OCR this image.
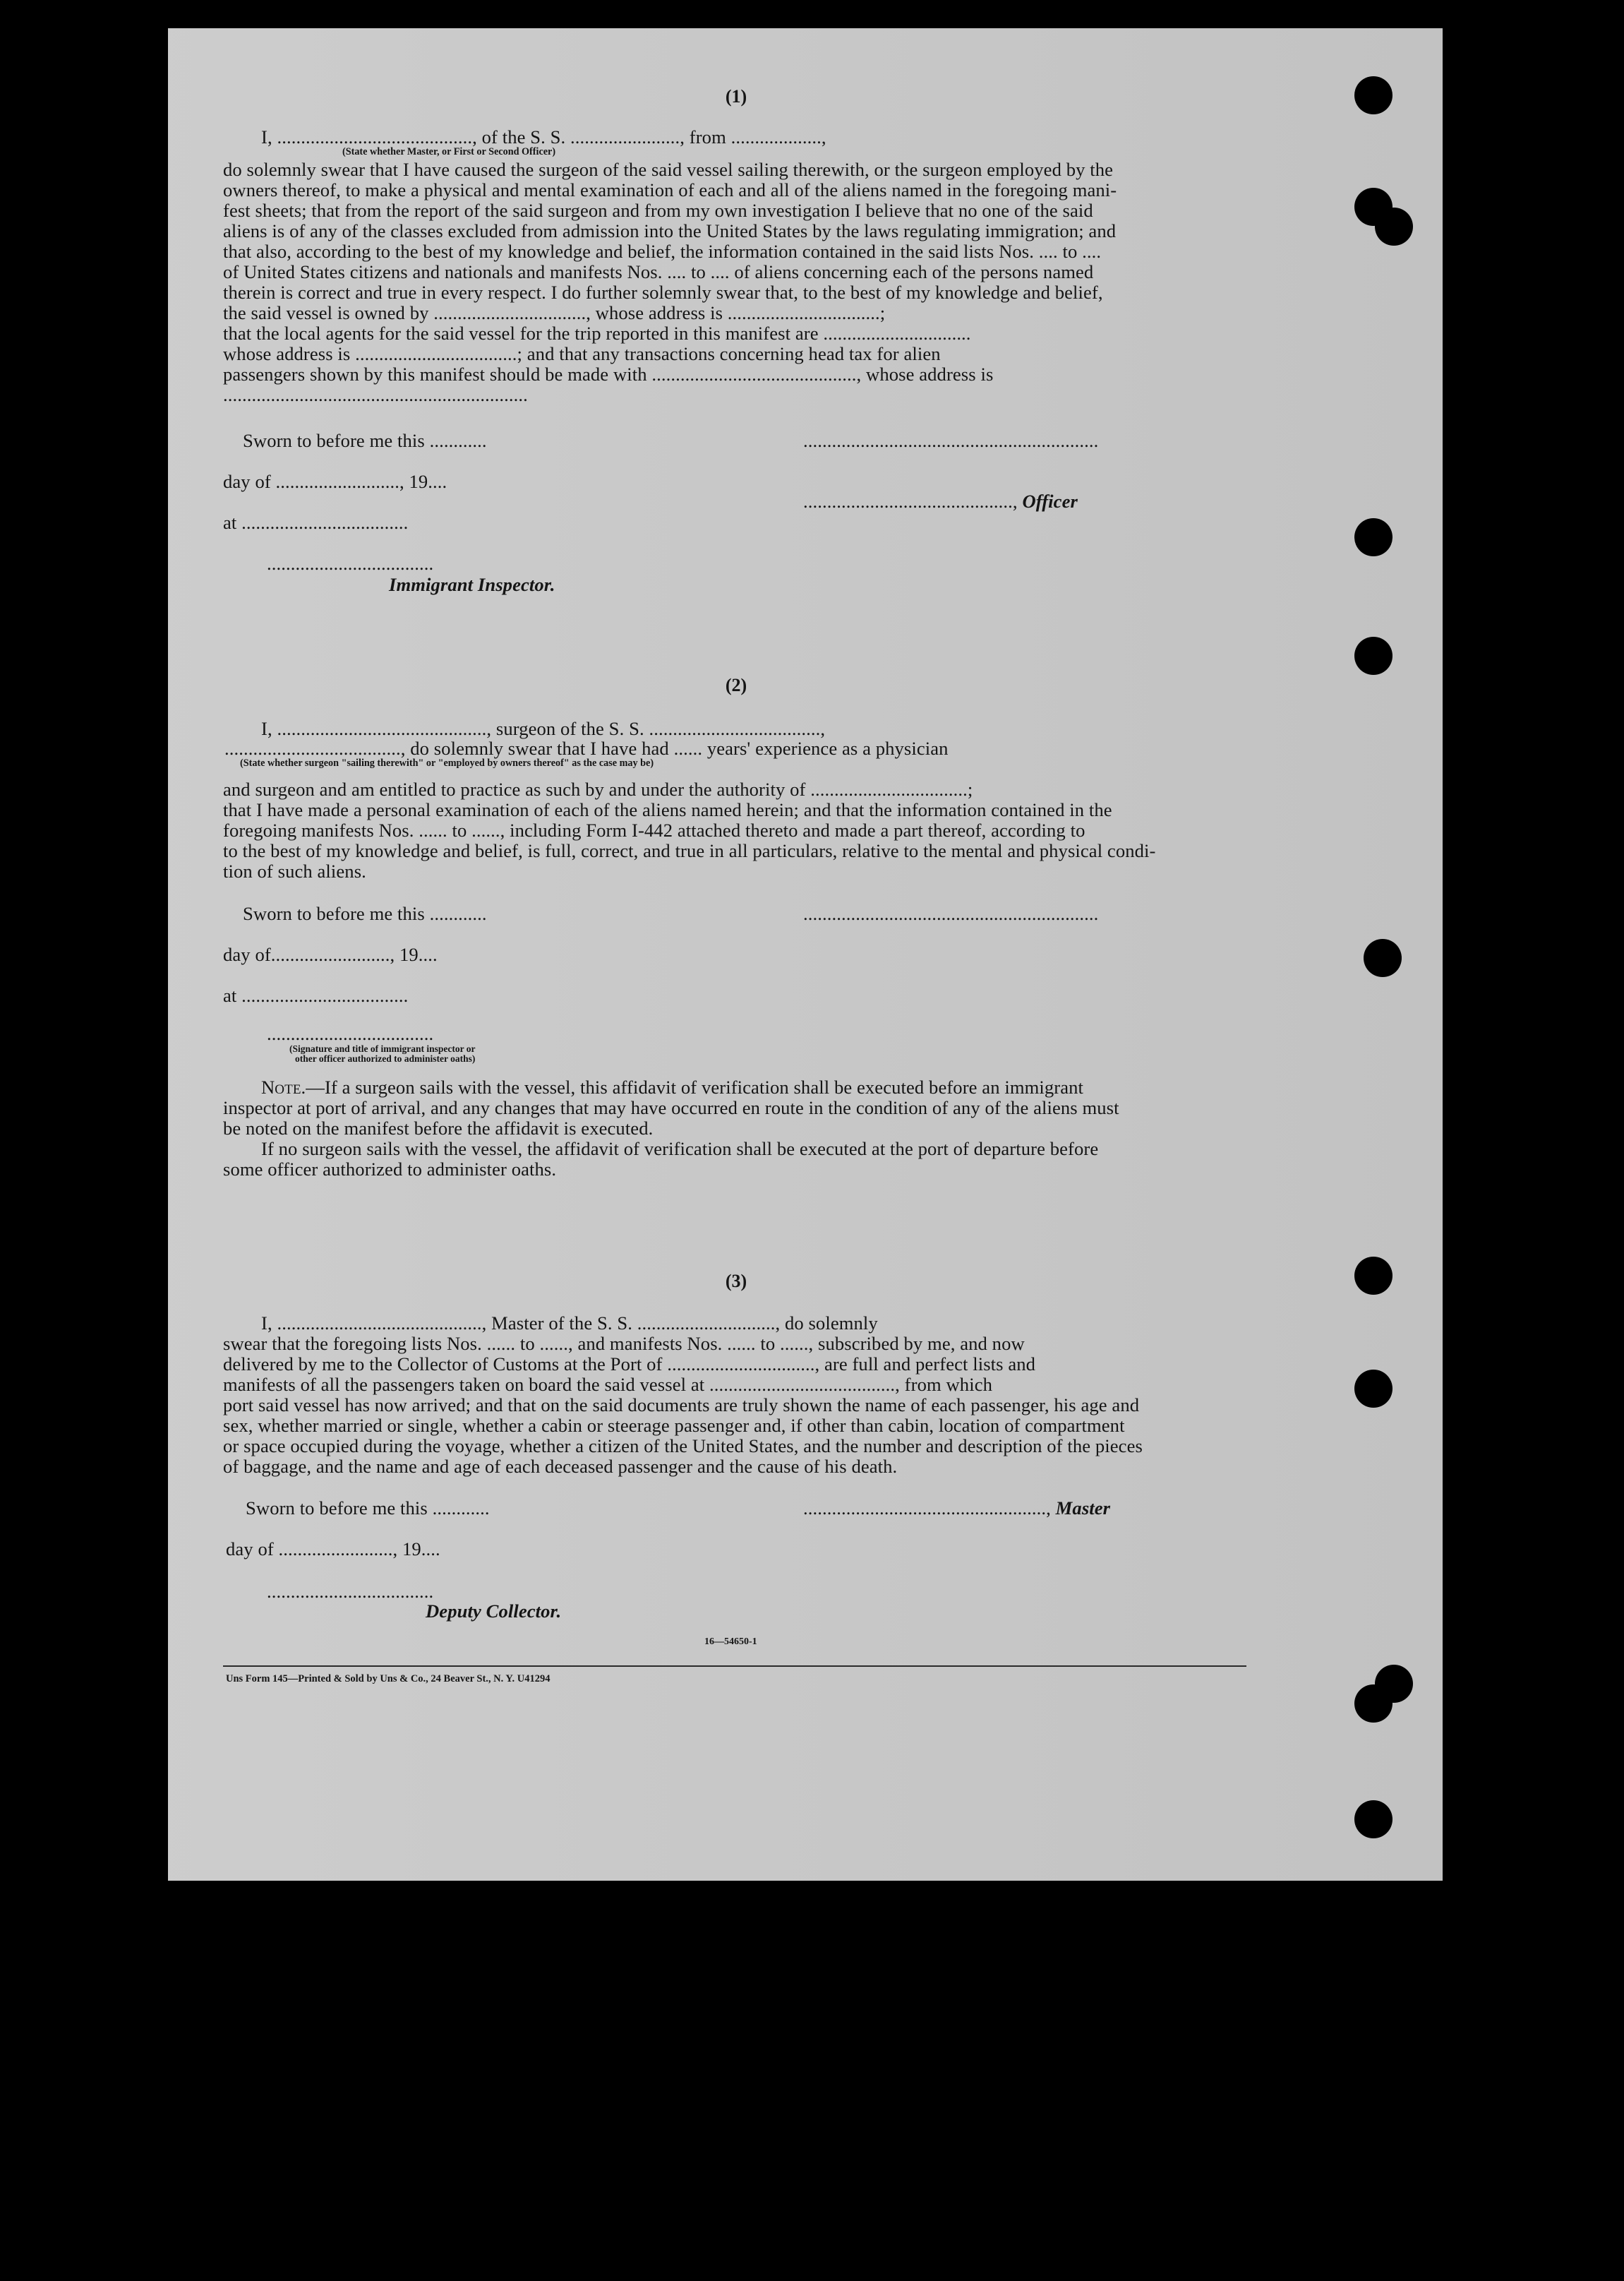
(1)
I, ........................................., of the S. S. ......................., from ...................,
(State whether Master, or First or Second Officer)
do solemnly swear that I have caused the surgeon of the said vessel sailing therewith, or the surgeon employed by the
owners thereof, to make a physical and mental examination of each and all of the aliens named in the foregoing mani-
fest sheets; that from the report of the said surgeon and from my own investigation I believe that no one of the said
aliens is of any of the classes excluded from admission into the United States by the laws regulating immigration; and
that also, according to the best of my knowledge and belief, the information contained in the said lists Nos. .... to ....
of United States citizens and nationals and manifests Nos. .... to .... of aliens concerning each of the persons named
therein is correct and true in every respect. I do further solemnly swear that, to the best of my knowledge and belief,
the said vessel is owned by ................................, whose address is ................................;
that the local agents for the said vessel for the trip reported in this manifest are ...............................
whose address is ..................................; and that any transactions concerning head tax for alien
passengers shown by this manifest should be made with ..........................................., whose address is
................................................................
Sworn to before me this ............	..............................................................
day of .........................., 19....
............................................, Officer
at ...................................
...................................
Immigrant Inspector.
(2)
I, ............................................, surgeon of the S. S. ....................................,
....................................., do solemnly swear that I have had ...... years' experience as a physician
(State whether surgeon "sailing therewith" or "employed by owners thereof" as the case may be)
and surgeon and am entitled to practice as such by and under the authority of .................................;
that I have made a personal examination of each of the aliens named herein; and that the information contained in the
foregoing manifests Nos. ...... to ......, including Form I-442 attached thereto and made a part thereof, according to
to the best of my knowledge and belief, is full, correct, and true in all particulars, relative to the mental and physical condi-
tion of such aliens.
Sworn to before me this ............	..............................................................
day of........................., 19....
at ...................................
...................................
(Signature and title of immigrant inspector or
other officer authorized to administer oaths)
Note.—If a surgeon sails with the vessel, this affidavit of verification shall be executed before an immigrant
inspector at port of arrival, and any changes that may have occurred en route in the condition of any of the aliens must
be noted on the manifest before the affidavit is executed.
If no surgeon sails with the vessel, the affidavit of verification shall be executed at the port of departure before
some officer authorized to administer oaths.
(3)
I, ..........................................., Master of the S. S. ............................., do solemnly
swear that the foregoing lists Nos. ...... to ......, and manifests Nos. ...... to ......, subscribed by me, and now
delivered by me to the Collector of Customs at the Port of ..............................., are full and perfect lists and
manifests of all the passengers taken on board the said vessel at ......................................., from which
port said vessel has now arrived; and that on the said documents are truly shown the name of each passenger, his age and
sex, whether married or single, whether a cabin or steerage passenger and, if other than cabin, location of compartment
or space occupied during the voyage, whether a citizen of the United States, and the number and description of the pieces
of baggage, and the name and age of each deceased passenger and the cause of his death.
Sworn to before me this ............	..................................................., Master
day of ........................, 19....
...................................
Deputy Collector.
16—54650-1
Uns Form 145—Printed & Sold by Uns & Co., 24 Beaver St., N. Y. U41294
